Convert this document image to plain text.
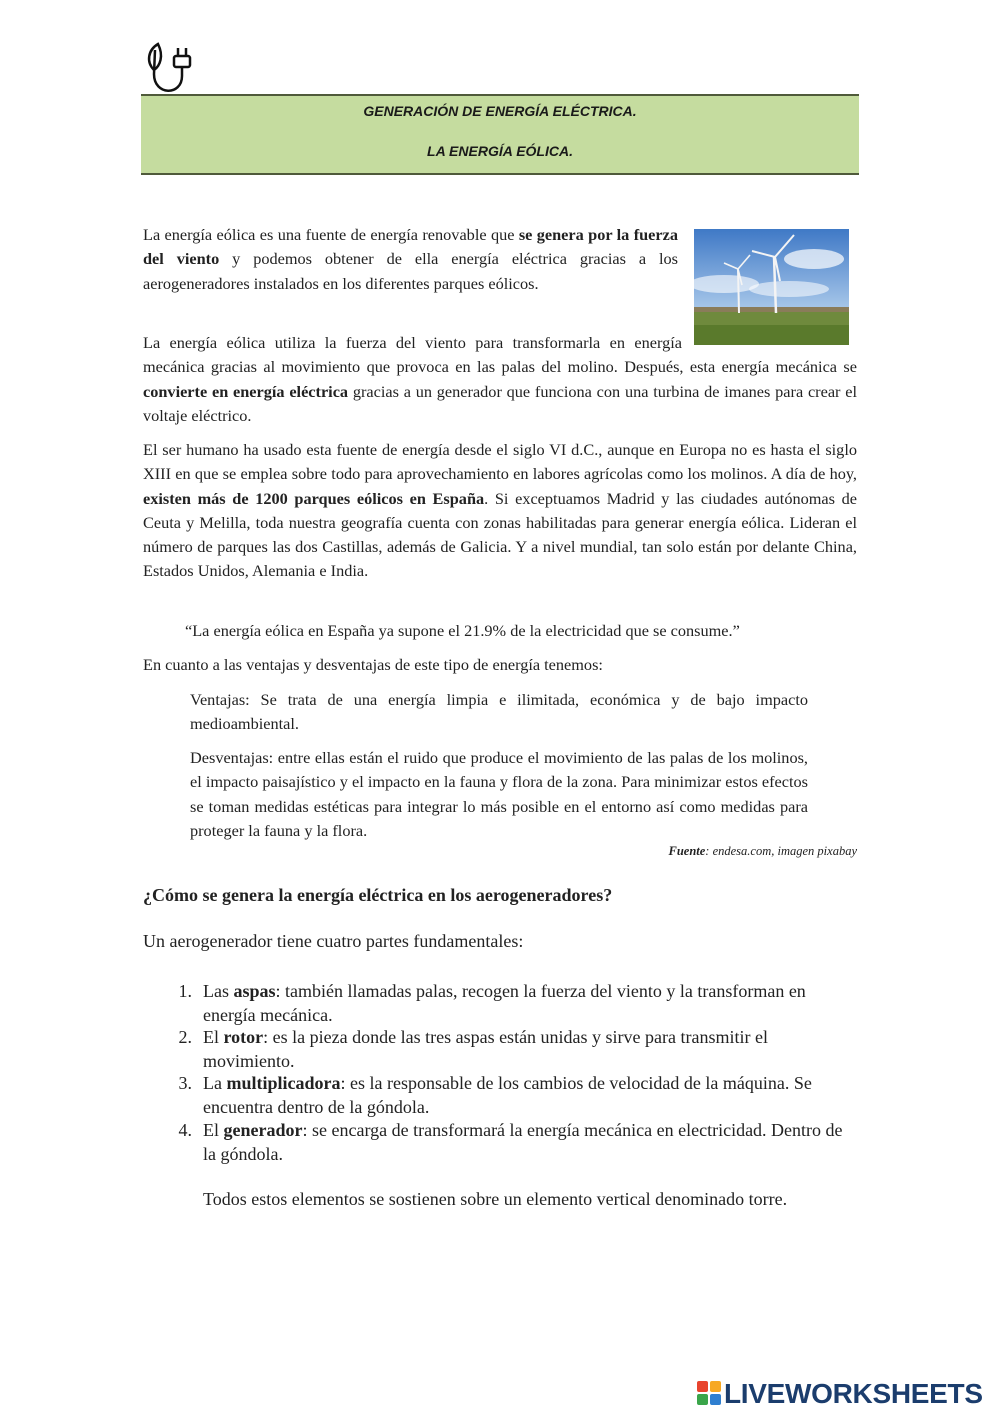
GENERACIÓN DE ENERGÍA ELÉCTRICA.
LA ENERGÍA EÓLICA.

La energía eólica es una fuente de energía renovable que se genera por la fuerza del viento y podemos obtener de ella energía eléctrica gracias a los aerogeneradores instalados en los diferentes parques eólicos.

La energía eólica utiliza la fuerza del viento para transformarla en energía mecánica gracias al movimiento que provoca en las palas del molino. Después, esta energía mecánica se convierte en energía eléctrica gracias a un generador que funciona con una turbina de imanes para crear el voltaje eléctrico.

El ser humano ha usado esta fuente de energía desde el siglo VI d.C., aunque en Europa no es hasta el siglo XIII en que se emplea sobre todo para aprovechamiento en labores agrícolas como los molinos. A día de hoy, existen más de 1200 parques eólicos en España. Si exceptuamos Madrid y las ciudades autónomas de Ceuta y Melilla, toda nuestra geografía cuenta con zonas habilitadas para generar energía eólica. Lideran el número de parques las dos Castillas, además de Galicia. Y a nivel mundial, tan solo están por delante China, Estados Unidos, Alemania e India.

“La energía eólica en España ya supone el 21.9% de la electricidad que se consume.”

En cuanto a las ventajas y desventajas de este tipo de energía tenemos:

Ventajas: Se trata de una energía limpia e ilimitada, económica y de bajo impacto medioambiental.

Desventajas: entre ellas están el ruido que produce el movimiento de las palas de los molinos, el impacto paisajístico y el impacto en la fauna y flora de la zona. Para minimizar estos efectos se toman medidas estéticas para integrar lo más posible en el entorno así como medidas para proteger la fauna y la flora.

Fuente: endesa.com, imagen pixabay

¿Cómo se genera la energía eléctrica en los aerogeneradores?

Un aerogenerador tiene cuatro partes fundamentales:

1. Las aspas: también llamadas palas, recogen la fuerza del viento y la transforman en energía mecánica.
2. El rotor: es la pieza donde las tres aspas están unidas y sirve para transmitir el movimiento.
3. La multiplicadora: es la responsable de los cambios de velocidad de la máquina. Se encuentra dentro de la góndola.
4. El generador: se encarga de transformará la energía mecánica en electricidad. Dentro de la góndola.

Todos estos elementos se sostienen sobre un elemento vertical denominado torre.

LIVEWORKSHEETS
